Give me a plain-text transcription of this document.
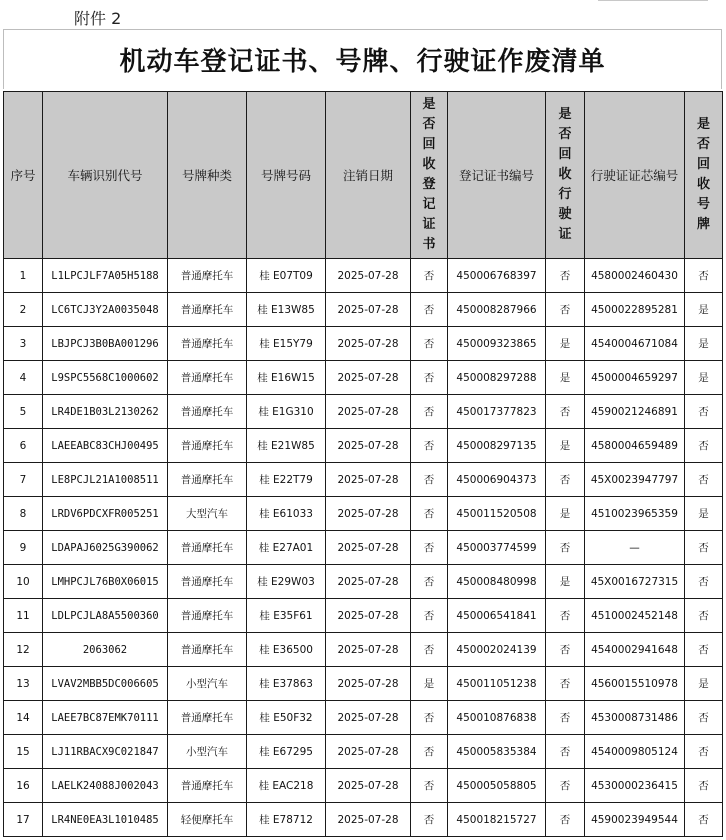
附件 2
机动车登记证书、号牌、行驶证作废清单
序号	车辆识别代号	号牌种类	号牌号码	注销日期	是否回收登记证书	登记证书编号	是否回收行驶证	行驶证证芯编号	是否回收号牌
1	L1LPCJLF7A05H5188	普通摩托车	桂 E07T09	2025-07-28	否	450006768397	否	4580002460430	否
2	LC6TCJ3Y2A0035048	普通摩托车	桂 E13W85	2025-07-28	否	450008287966	否	4500022895281	是
3	LBJPCJ3B0BA001296	普通摩托车	桂 E15Y79	2025-07-28	否	450009323865	是	4540004671084	是
4	L9SPC5568C1000602	普通摩托车	桂 E16W15	2025-07-28	否	450008297288	是	4500004659297	是
5	LR4DE1B03L2130262	普通摩托车	桂 E1G310	2025-07-28	否	450017377823	否	4590021246891	否
6	LAEEABC83CHJ00495	普通摩托车	桂 E21W85	2025-07-28	否	450008297135	是	4580004659489	否
7	LE8PCJL21A1008511	普通摩托车	桂 E22T79	2025-07-28	否	450006904373	否	45X0023947797	否
8	LRDV6PDCXFR005251	大型汽车	桂 E61033	2025-07-28	否	450011520508	是	4510023965359	是
9	LDAPAJ6025G390062	普通摩托车	桂 E27A01	2025-07-28	否	450003774599	否	—	否
10	LMHPCJL76B0X06015	普通摩托车	桂 E29W03	2025-07-28	否	450008480998	是	45X0016727315	否
11	LDLPCJLA8A5500360	普通摩托车	桂 E35F61	2025-07-28	否	450006541841	否	4510002452148	否
12	2063062	普通摩托车	桂 E36500	2025-07-28	否	450002024139	否	4540002941648	否
13	LVAV2MBB5DC006605	小型汽车	桂 E37863	2025-07-28	是	450011051238	否	4560015510978	是
14	LAEE7BC87EMK70111	普通摩托车	桂 E50F32	2025-07-28	否	450010876838	否	4530008731486	否
15	LJ11RBACX9C021847	小型汽车	桂 E67295	2025-07-28	否	450005835384	否	4540009805124	否
16	LAELK24088J002043	普通摩托车	桂 EAC218	2025-07-28	否	450005058805	否	4530000236415	否
17	LR4NE0EA3L1010485	轻便摩托车	桂 E78712	2025-07-28	否	450018215727	否	4590023949544	否
